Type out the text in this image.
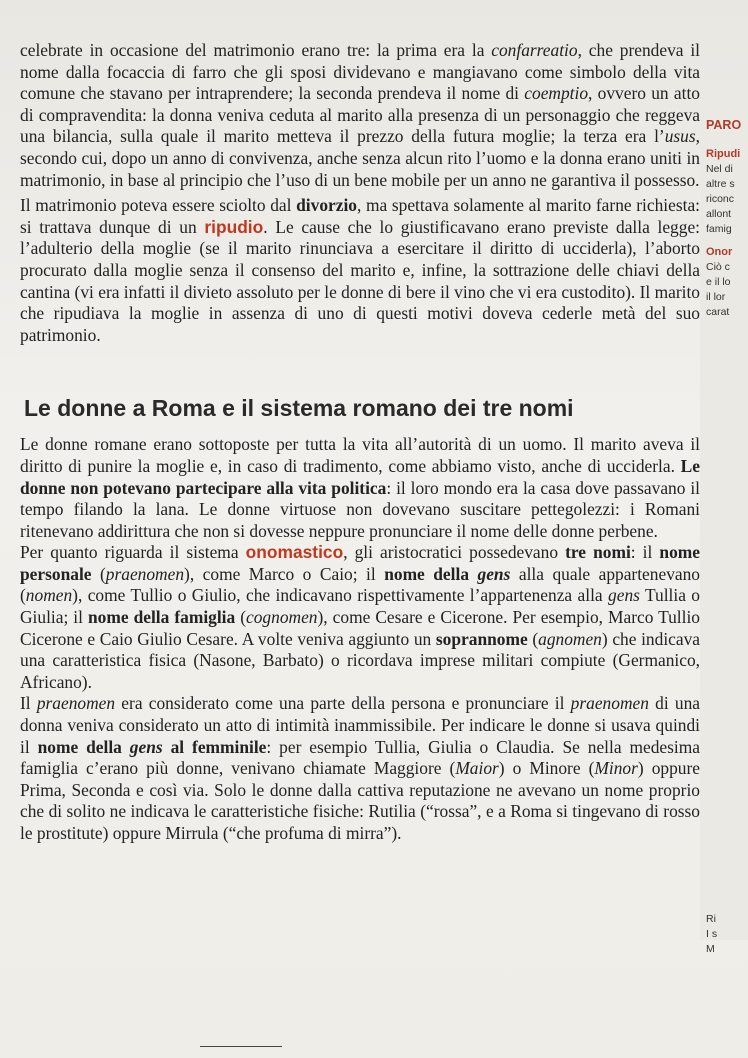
celebrate in occasione del matrimonio erano tre: la prima era la confarreatio, che prendeva il nome dalla focaccia di farro che gli sposi dividevano e mangiavano come simbolo della vita comune che stavano per intraprendere; la seconda prendeva il nome di coemptio, ovvero un atto di compravendita: la donna veniva ceduta al marito alla presenza di un personaggio che reggeva una bilancia, sulla quale il marito metteva il prezzo della futura moglie; la terza era l’usus, secondo cui, dopo un anno di convivenza, anche senza alcun rito l’uomo e la donna erano uniti in matrimonio, in base al principio che l’uso di un bene mobile per un anno ne garantiva il possesso.

Il matrimonio poteva essere sciolto dal divorzio, ma spettava solamente al marito farne richiesta: si trattava dunque di un ripudio. Le cause che lo giustificavano erano previste dalla legge: l’adulterio della moglie (se il marito rinunciava a esercitare il diritto di ucciderla), l’aborto procurato dalla moglie senza il consenso del marito e, infine, la sottrazione delle chiavi della cantina (vi era infatti il divieto assoluto per le donne di bere il vino che vi era custodito). Il marito che ripudiava la moglie in assenza di uno di questi motivi doveva cederle metà del suo patrimonio.

Le donne a Roma e il sistema romano dei tre nomi

Le donne romane erano sottoposte per tutta la vita all’autorità di un uomo. Il marito aveva il diritto di punire la moglie e, in caso di tradimento, come abbiamo visto, anche di ucciderla. Le donne non potevano partecipare alla vita politica: il loro mondo era la casa dove passavano il tempo filando la lana. Le donne virtuose non dovevano suscitare pettegolezzi: i Romani ritenevano addirittura che non si dovesse neppure pronunciare il nome delle donne perbene.

Per quanto riguarda il sistema onomastico, gli aristocratici possedevano tre nomi: il nome personale (praenomen), come Marco o Caio; il nome della gens alla quale appartenevano (nomen), come Tullio o Giulio, che indicavano rispettivamente l’appartenenza alla gens Tullia o Giulia; il nome della famiglia (cognomen), come Cesare e Cicerone. Per esempio, Marco Tullio Cicerone e Caio Giulio Cesare. A volte veniva aggiunto un soprannome (agnomen) che indicava una caratteristica fisica (Nasone, Barbato) o ricordava imprese militari compiute (Germanico, Africano).

Il praenomen era considerato come una parte della persona e pronunciare il praenomen di una donna veniva considerato un atto di intimità inammissibile. Per indicare le donne si usava quindi il nome della gens al femminile: per esempio Tullia, Giulia o Claudia. Se nella medesima famiglia c’erano più donne, venivano chiamate Maggiore (Maior) o Minore (Minor) oppure Prima, Seconda e così via. Solo le donne dalla cattiva reputazione ne avevano un nome proprio che di solito ne indicava le caratteristiche fisiche: Rutilia (“rossa”, e a Roma si tingevano di rosso le prostitute) oppure Mirrula (“che profuma di mirra”).

PARO
Ripudi
Nel di
altre s
riconc
allont
famig
Onor
Ciò c
e il lo
il lor
carat
Ri
I s
M
